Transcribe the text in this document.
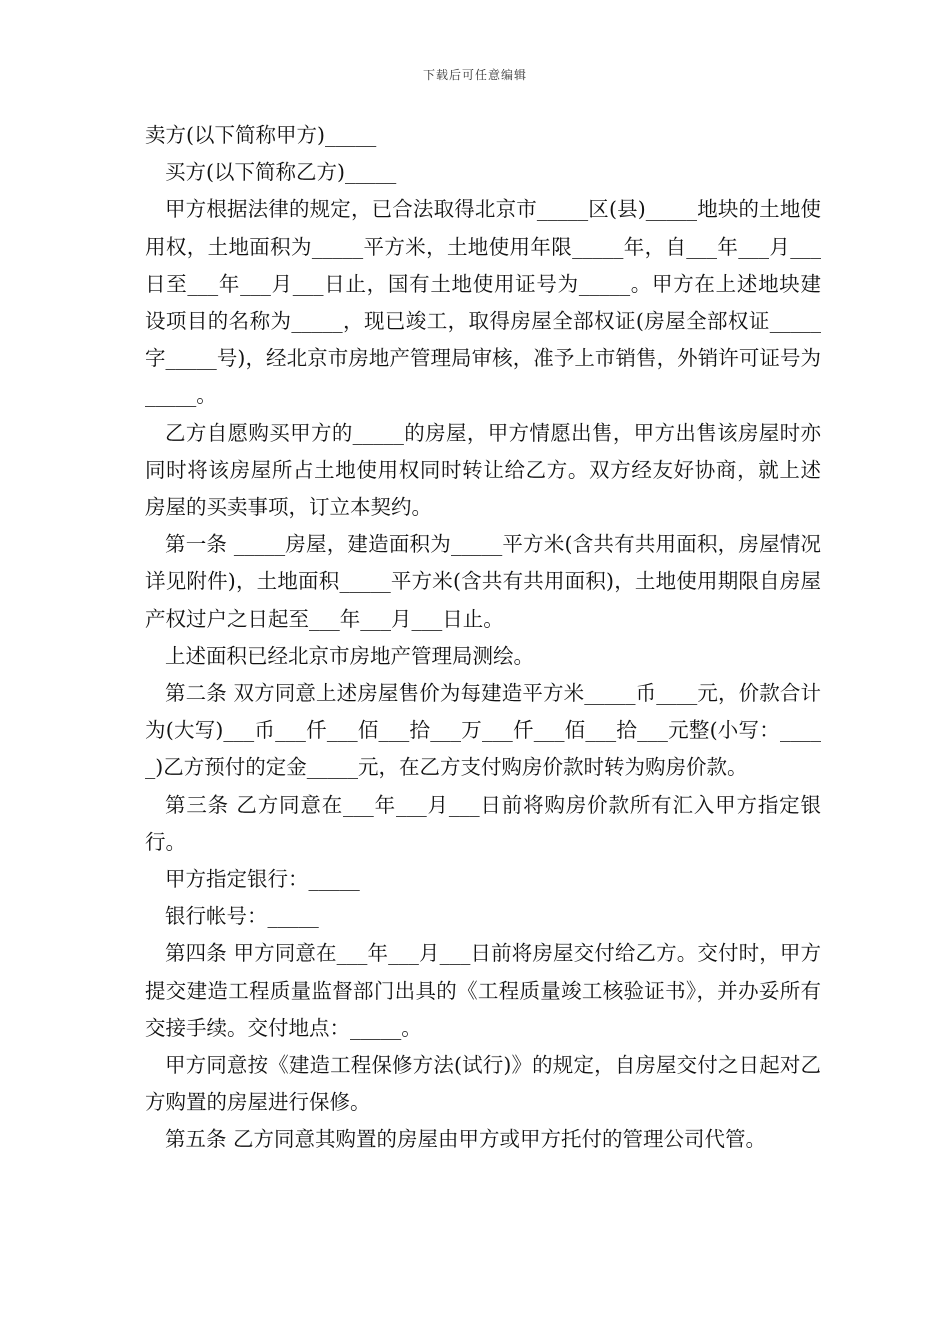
下载后可任意编辑

卖方(以下简称甲方)_____

买方(以下简称乙方)_____

甲方根据法律的规定，已合法取得北京市_____区(县)_____地块的土地使用权，土地面积为_____平方米，土地使用年限_____年，自___年___月___日至___年___月___日止，国有土地使用证号为_____。甲方在上述地块建设项目的名称为_____，现已竣工，取得房屋全部权证(房屋全部权证_____字_____号)，经北京市房地产管理局审核，准予上市销售，外销许可证号为_____。

乙方自愿购买甲方的_____的房屋，甲方情愿出售，甲方出售该房屋时亦同时将该房屋所占土地使用权同时转让给乙方。双方经友好协商，就上述房屋的买卖事项，订立本契约。

第一条 _____房屋，建造面积为_____平方米(含共有共用面积，房屋情况详见附件)，土地面积_____平方米(含共有共用面积)，土地使用期限自房屋产权过户之日起至___年___月___日止。

上述面积已经北京市房地产管理局测绘。

第二条 双方同意上述房屋售价为每建造平方米_____币____元，价款合计为(大写)___币___仟___佰___拾___万___仟___佰___拾___元整(小写：_____)乙方预付的定金_____元，在乙方支付购房价款时转为购房价款。

第三条 乙方同意在___年___月___日前将购房价款所有汇入甲方指定银行。

甲方指定银行：_____

银行帐号：_____

第四条 甲方同意在___年___月___日前将房屋交付给乙方。交付时，甲方提交建造工程质量监督部门出具的《工程质量竣工核验证书》，并办妥所有交接手续。交付地点：_____。

甲方同意按《建造工程保修方法(试行)》的规定，自房屋交付之日起对乙方购置的房屋进行保修。

第五条 乙方同意其购置的房屋由甲方或甲方托付的管理公司代管。
